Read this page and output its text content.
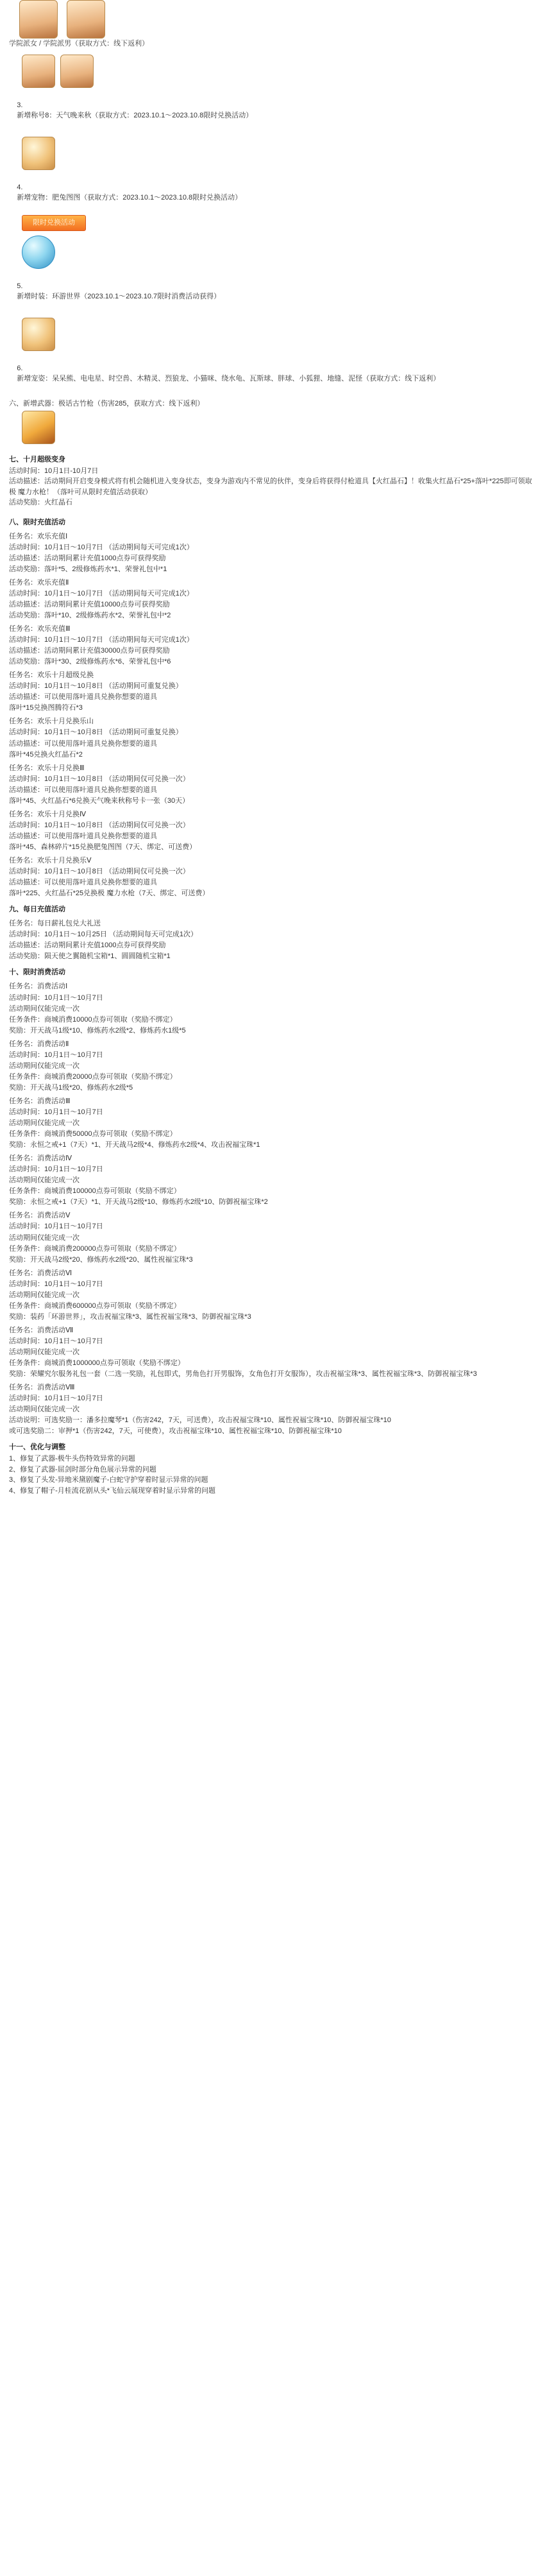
学院派女 / 学院派男（获取方式：线下返利）

3.
新增称号8：天气晚来秋（获取方式：2023.10.1～2023.10.8限时兑换活动）

4.
新增宠物：肥兔图图（获取方式：2023.10.1～2023.10.8限时兑换活动）

限时兑换活动

5.
新增时装：环游世界（2023.10.1～2023.10.7限时消费活动获得）

6.
新增宠姿：呆呆熊、电电星、时空兽、木精灵、烈狼龙、小猫咪、绕水龟、瓦斯球、胖球、小狐狸、地缝、泥怪（获取方式：线下返利）

六、新增武器：极话古竹枪（伤害285，获取方式：线下返利）
七、十月超级变身
活动时间：10月1日-10月7日
活动描述：活动期间开启变身模式将有机会随机进入变身状态，变身为游戏内不常见的伙伴，变身后将获得付枪道具【火红晶石】！收集火红晶石*25+落叶*225即可领取极 魔力水枪！（落叶可从限时充值活动获取）
活动奖励：火红晶石
八、限时充值活动
任务名：欢乐充值Ⅰ
活动时间：10月1日～10月7日 （活动期间每天可完成1次）
活动描述：活动期间累计充值1000点券可获得奖励
活动奖励：落叶*5、2级修炼药水*1、荣誉礼包中*1
任务名：欢乐充值Ⅱ
活动时间：10月1日～10月7日 （活动期间每天可完成1次）
活动描述：活动期间累计充值10000点券可获得奖励
活动奖励：落叶*10、2级修炼药水*2、荣誉礼包中*2
任务名：欢乐充值Ⅲ
活动时间：10月1日～10月7日 （活动期间每天可完成1次）
活动描述：活动期间累计充值30000点券可获得奖励
活动奖励：落叶*30、2级修炼药水*6、荣誉礼包中*6
任务名：欢乐十月超级兑换
活动时间：10月1日～10月8日 （活动期间可重复兑换）
活动描述：可以使用落叶道具兑换你想要的道具
落叶*15兑换图腾符石*3
任务名：欢乐十月兑换乐山
活动时间：10月1日～10月8日 （活动期间可重复兑换）
活动描述：可以使用落叶道具兑换你想要的道具
落叶*45兑换火红晶石*2
任务名：欢乐十月兑换Ⅲ
活动时间：10月1日～10月8日 （活动期间仅可兑换一次）
活动描述：可以使用落叶道具兑换你想要的道具
落叶*45、火红晶石*6兑换天气晚来秋称号卡一张（30天）
任务名：欢乐十月兑换Ⅳ
活动时间：10月1日～10月8日 （活动期间仅可兑换一次）
活动描述：可以使用落叶道具兑换你想要的道具
落叶*45、森林碎片*15兑换肥兔图图（7天、绑定、可送费）
任务名：欢乐十月兑换乐Ⅴ
活动时间：10月1日～10月8日 （活动期间仅可兑换一次）
活动描述：可以使用落叶道具兑换你想要的道具
落叶*225、火红晶石*25兑换极 魔力水枪（7天、绑定、可送费）
九、每日充值活动
任务名：每日薪礼包兑大礼送
活动时间：10月1日～10月25日 （活动期间每天可完成1次）
活动描述：活动期间累计充值1000点券可获得奖励
活动奖励：陨天使之翼随机宝箱*1、圆圆随机宝箱*1
十、限时消费活动
任务名：消费活动Ⅰ
活动时间：10月1日～10月7日
活动期间仅能完成一次
任务条件：商城消费10000点券可领取（奖励不绑定）
奖励：开天战马1级*10、修炼药水2级*2、修炼药水1级*5
任务名：消费活动Ⅱ
活动时间：10月1日～10月7日
活动期间仅能完成一次
任务条件：商城消费20000点券可领取（奖励不绑定）
奖励：开天战马1级*20、修炼药水2级*5
任务名：消费活动Ⅲ
活动时间：10月1日～10月7日
活动期间仅能完成一次
任务条件：商城消费50000点券可领取（奖励不绑定）
奖励：永恒之戒+1（7天）*1、开天战马2级*4、修炼药水2级*4、攻击祝福宝珠*1
任务名：消费活动Ⅳ
活动时间：10月1日～10月7日
活动期间仅能完成一次
任务条件：商城消费100000点券可领取（奖励不绑定）
奖励：永恒之戒+1（7天）*1、开天战马2级*10、修炼药水2级*10、防御祝福宝珠*2
任务名：消费活动Ⅴ
活动时间：10月1日～10月7日
活动期间仅能完成一次
任务条件：商城消费200000点券可领取（奖励不绑定）
奖励：开天战马2级*20、修炼药水2级*20、属性祝福宝珠*3
任务名：消费活动Ⅵ
活动时间：10月1日～10月7日
活动期间仅能完成一次
任务条件：商城消费600000点券可领取（奖励不绑定）
奖励：装药「环游世界」，攻击祝福宝珠*3、属性祝福宝珠*3、防御祝福宝珠*3
任务名：消费活动Ⅶ
活动时间：10月1日～10月7日
活动期间仅能完成一次
任务条件：商城消费1000000点券可领取（奖励不绑定）
奖励：荣耀究尔服务礼包一套（二选一奖励，礼包即式，男角色打开男服饰，女角色打开女服饰），攻击祝福宝珠*3、属性祝福宝珠*3、防御祝福宝珠*3
任务名：消费活动Ⅷ
活动时间：10月1日～10月7日
活动期间仅能完成一次
活动说明：可选奖励一：潘多拉魔琴*1（伤害242，7天，可送费），攻击祝福宝珠*10、属性祝福宝珠*10、防御祝福宝珠*10
或可选奖励二：审押*1（伤害242，7天，可使费），攻击祝福宝珠*10、属性祝福宝珠*10、防御祝福宝珠*10
十一、优化与调整
1、修复了武器-极牛头伤特效异常的问题
2、修复了武器-屈剑时部分角色展示异常的问题
3、修复了头发-异地米黛剧魔子-白蛇守护穿着时显示异常的问题
4、修复了帽子-月桂流花剧从头*飞仙云展现穿着时显示异常的问题
